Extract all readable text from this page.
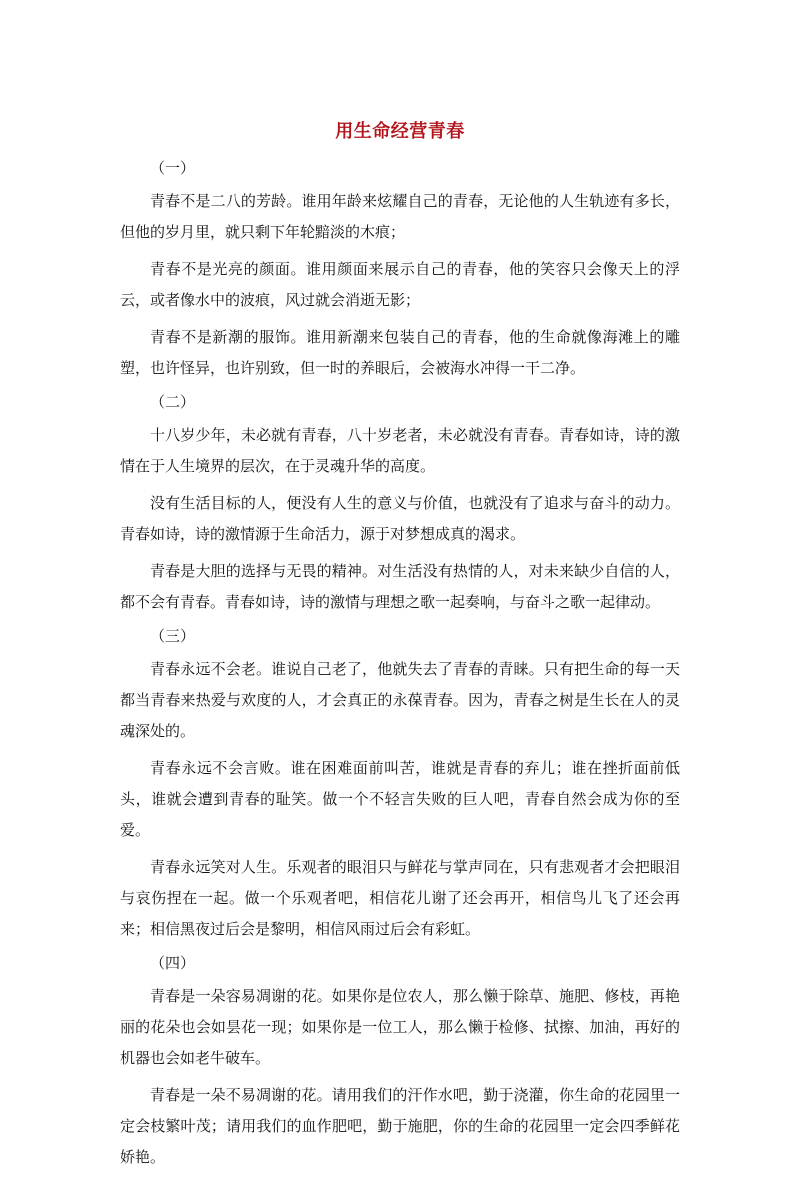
用生命经营青春
（一）

青春不是二八的芳龄。谁用年龄来炫耀自己的青春，无论他的人生轨迹有多长，但他的岁月里，就只剩下年轮黯淡的木痕；

青春不是光亮的颜面。谁用颜面来展示自己的青春，他的笑容只会像天上的浮云，或者像水中的波痕，风过就会消逝无影；

青春不是新潮的服饰。谁用新潮来包装自己的青春，他的生命就像海滩上的雕塑，也许怪异，也许别致，但一时的养眼后，会被海水冲得一干二净。

（二）

十八岁少年，未必就有青春，八十岁老者，未必就没有青春。青春如诗，诗的激情在于人生境界的层次，在于灵魂升华的高度。

没有生活目标的人，便没有人生的意义与价值，也就没有了追求与奋斗的动力。青春如诗，诗的激情源于生命活力，源于对梦想成真的渴求。

青春是大胆的选择与无畏的精神。对生活没有热情的人，对未来缺少自信的人，都不会有青春。青春如诗，诗的激情与理想之歌一起奏响，与奋斗之歌一起律动。

（三）

青春永远不会老。谁说自己老了，他就失去了青春的青睐。只有把生命的每一天都当青春来热爱与欢度的人，才会真正的永葆青春。因为，青春之树是生长在人的灵魂深处的。

青春永远不会言败。谁在困难面前叫苦，谁就是青春的弃儿；谁在挫折面前低头，谁就会遭到青春的耻笑。做一个不轻言失败的巨人吧，青春自然会成为你的至爱。

青春永远笑对人生。乐观者的眼泪只与鲜花与掌声同在，只有悲观者才会把眼泪与哀伤捏在一起。做一个乐观者吧，相信花儿谢了还会再开，相信鸟儿飞了还会再来；相信黑夜过后会是黎明，相信风雨过后会有彩虹。

（四）

青春是一朵容易凋谢的花。如果你是位农人，那么懒于除草、施肥、修枝，再艳丽的花朵也会如昙花一现；如果你是一位工人，那么懒于检修、拭擦、加油，再好的机器也会如老牛破车。

青春是一朵不易凋谢的花。请用我们的汗作水吧，勤于浇灌，你生命的花园里一定会枝繁叶茂；请用我们的血作肥吧，勤于施肥，你的生命的花园里一定会四季鲜花娇艳。
